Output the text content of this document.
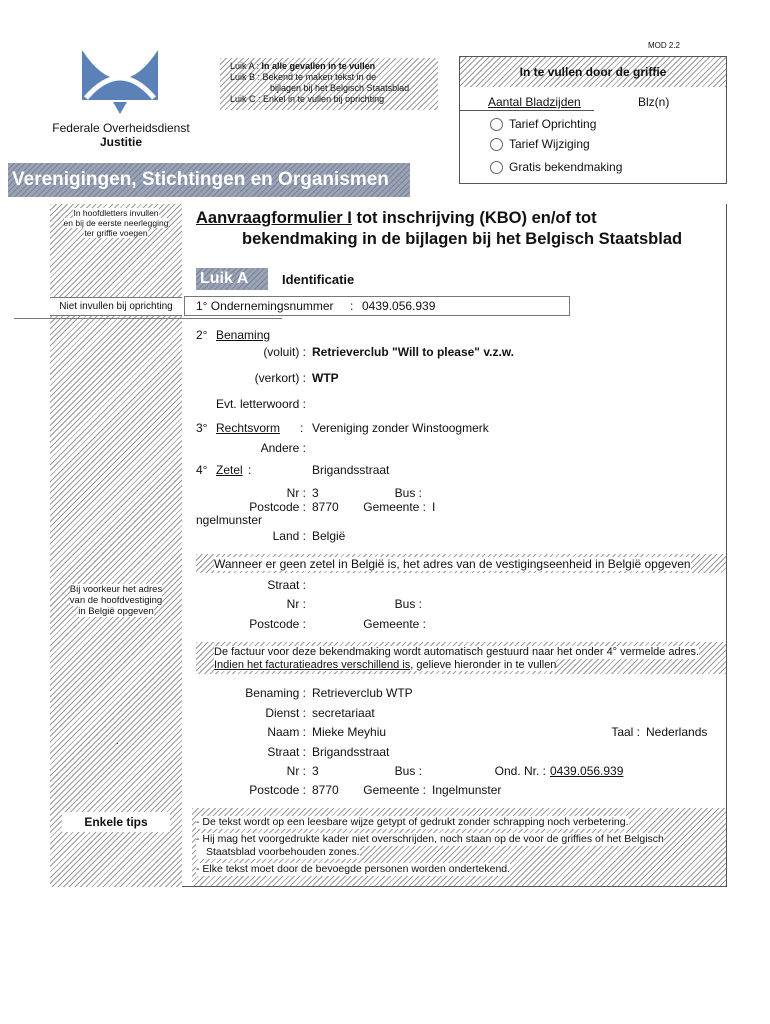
MOD 2.2
Federale Overheidsdienst
Justitie
Luik A : In alle gevallen in te vullen
Luik B : Bekend te maken tekst in de
bijlagen bij het Belgisch Staatsblad
Luik C : Enkel in te vullen bij oprichting
In te vullen door de griffie
Aantal Bladzijden	Blz(n)
Tarief Oprichting
Tarief Wijziging
Gratis bekendmaking
Verenigingen, Stichtingen en Organismen
In hoofdletters invullen
en bij de eerste neerlegging
ter griffie voegen
Niet invullen bij oprichting
Bij voorkeur het adres
van de hoofdvestiging
in België opgeven
.
Enkele tips
Aanvraagformulier I tot inschrijving (KBO) en/of tot
bekendmaking in de bijlagen bij het Belgisch Staatsblad
Luik A	Identificatie
1° Ondernemingsnummer : 0439.056.939
2° Benaming
(voluit) : Retrieverclub "Will to please" v.z.w.
(verkort) : WTP
Evt. letterwoord :
3° Rechtsvorm : Vereniging zonder Winstoogmerk
Andere :
4° Zetel :	Brigandsstraat
Nr : 3	Bus :
Postcode : 8770	Gemeente : I
ngelmunster
Land : België
Wanneer er geen zetel in België is, het adres van de vestigingseenheid in België opgeven
Straat :
Nr :	Bus :
Postcode :	Gemeente :
De factuur voor deze bekendmaking wordt automatisch gestuurd naar het onder 4° vermelde adres.
Indien het facturatieadres verschillend is, gelieve hieronder in te vullen
Benaming : Retrieverclub WTP
Dienst : secretariaat
Naam : Mieke Meyhiu	Taal : Nederlands
Straat : Brigandsstraat
Nr : 3	Bus :	Ond. Nr. : 0439.056.939
Postcode : 8770	Gemeente : Ingelmunster
- De tekst wordt op een leesbare wijze getypt of gedrukt zonder schrapping noch verbetering.
- Hij mag het voorgedrukte kader niet overschrijden, noch staan op de voor de griffies of het Belgisch
Staatsblad voorbehouden zones.
- Elke tekst moet door de bevoegde personen worden ondertekend.
